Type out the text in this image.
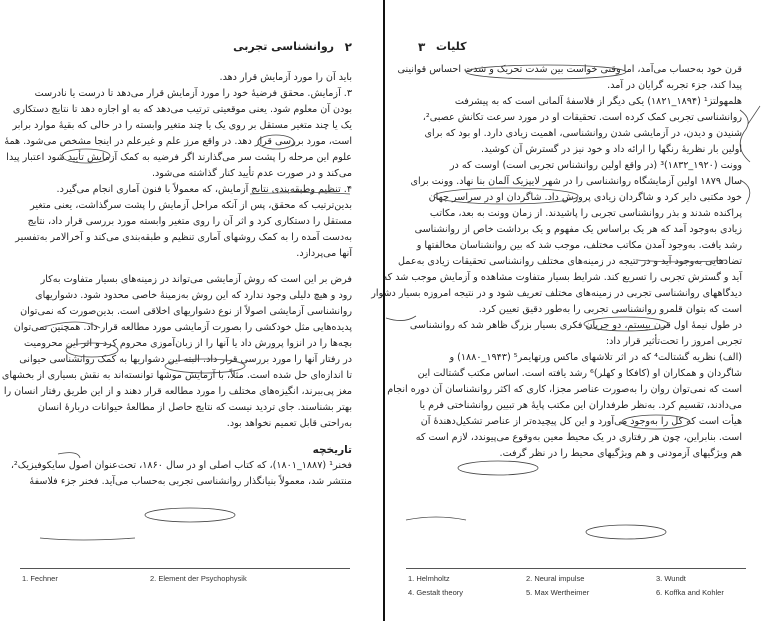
٢
روانشناسی تجربی
باید آن را مورد آزمایش قرار دهد.
۳. آزمایش. محقق فرضیهٔ خود را مورد آزمایش قرار می‌دهد تا درست یا نادرست
بودن آن معلوم شود. یعنی موقعیتی ترتیب می‌دهد که به او اجازه دهد تا نتایج دستکاری
یک یا چند متغیر مستقل بر روی یک یا چند متغیر وابسته را در حالی که بقیهٔ موارد برابر
است، مورد بررسی قرار دهد. در واقع مرز علم و غیرعلم در اینجا مشخص می‌شود. همهٔ
علوم این مرحله را پشت سر می‌گذارند اگر فرضیه به کمک آزمایش تأیید شود اعتبار پیدا
می‌کند و در صورت عدم تأیید کنار گذاشته می‌شود.
۴. تنظیم وطبقه‌بندی نتایج آزمایش، که معمولاً با فنون آماری انجام می‌گیرد.
بدین‌ترتیب که محقق، پس از آنکه مراحل آزمایش را پشت سرگذاشت، یعنی متغیر
مستقل را دستکاری کرد و اثر آن را روی متغیر وابسته مورد بررسی قرار داد، نتایج
به‌دست آمده را به کمک روشهای آماری تنظیم و طبقه‌بندی می‌کند و آخرالامر به‌تفسیر
آنها می‌پردازد.
فرض بر این است که روش آزمایشی می‌تواند در زمینه‌های بسیار متفاوت به‌کار
رود و هیچ دلیلی وجود ندارد که این روش به‌زمینهٔ خاصی محدود شود. دشواریهای
روانشناسی آزمایشی اصولاً از نوع دشواریهای اخلاقی است. بدین‌صورت که نمی‌توان
پدیده‌هایی مثل خودکشی را بصورت آزمایشی مورد مطالعه قرار داد. همچنین نمی‌توان
بچه‌ها را در انزوا پرورش داد یا آنها را از زبان‌آموزی محروم کرد و اثر این محرومیت
در رفتار آنها را مورد بررسی قرار داد. البته این دشواریها به کمک روانشناسی حیوانی
تا اندازه‌ای حل شده است. مثلاً، با آزمایش موشها توانسته‌اند به نقش بسیاری از بخشهای
مغز پی‌ببرند، انگیزه‌های مختلف را مورد مطالعه قرار دهند و از این طریق رفتار انسان را
بهتر بشناسند. جای تردید نیست که نتایج حاصل از مطالعهٔ حیوانات دربارهٔ انسان
به‌راحتی قابل تعمیم نخواهد بود.
تاریخچه
فخنر¹ (۱۸۸۷_۱۸۰۱)، که کتاب اصلی او در سال ۱۸۶۰، تحت‌عنوان اصول سایکوفیزیک²،
منتشر شد، معمولاً بنیانگذار روانشناسی تجربی به‌حساب می‌آید. فخنر جزء فلاسفهٔ
1. Fechner	2. Element der Psychophysik
٣ کلیات
قرن خود به‌حساب می‌آمد، اما وقتی خواست بین شدت تحریک و شدت احساس قوانینی
پیدا کند، جزء تجربه گرایان در آمد.
هلمهولتز¹ (۱۸۹۴_۱۸۲۱) یکی دیگر از فلاسفهٔ آلمانی است که به پیشرفت
روانشناسی تجربی کمک کرده است. تحقیقات او در مورد سرعت تکانش عصبی²،
شنیدن و دیدن، در آزمایشی شدن روانشناسی، اهمیت زیادی دارد. او بود که برای
اولین بار نظریهٔ رنگها را ارائه داد و خود نیز در گسترش آن کوشید.
وونت (۱۹۲۰_۱۸۳۲)³ (در واقع اولین روانشناس تجربی است) اوست که در
سال ۱۸۷۹ اولین آزمایشگاه روانشناسی را در شهر لایپزیک آلمان بنا نهاد. وونت برای
خود مکتبی دایر کرد و شاگردان زیادی پرورش داد. شاگردان او در سراسر جهان
پراکنده شدند و بذر روانشناسی تجربی را پاشیدند. از زمان وونت به بعد، مکاتب
زیادی به‌وجود آمد که هر یک براساس یک مفهوم و یک برداشت خاص از روانشناسی
رشد یافت. به‌وجود آمدن مکاتب مختلف، موجب شد که بین روانشناسان مخالفتها و
تضادهایی به‌وجود آید و در نتیجه در زمینه‌های مختلف روانشناسی تحقیقات زیادی به‌عمل
آید و گسترش تجربی را تسریع کند. شرایط بسیار متفاوت مشاهده و آزمایش موجب شد که
دیدگاههای روانشناسی تجربی در زمینه‌های مختلف تعریف شود و در نتیجه امروزه بسیار دشوار
است که بتوان قلمرو روانشناسی تجربی را به‌طور دقیق تعیین کرد.
در طول نیمهٔ اول قرن بیستم، دو جریان فکری بسیار بزرگ ظاهر شد که روانشناسی
تجربی امروز را تحت‌تأثیر قرار داد:
(الف) نظریه گشتالت⁴ که در اثر تلاشهای ماکس ورتهایمر⁵ (۱۹۴۳_۱۸۸۰) و
شاگردان و همکاران او (کافکا و کهلر)⁶ رشد یافته است. اساس مکتب گشتالت این
است که نمی‌توان روان را به‌صورت عناصر مجزا، کاری که اکثر روانشناسان آن دوره انجام
می‌دادند، تقسیم کرد. به‌نظر طرفداران این مکتب پایهٔ هر تبیین روانشناختی فرم یا
هیأت است که کل را به‌وجود می‌آورد و این کل پیچیده‌تر از عناصر تشکیل‌دهندهٔ آن
است. بنابراین، چون هر رفتاری در یک محیط معین به‌وقوع می‌پیوندد، لازم است که
هم ویژگیهای آزمودنی و هم ویژگیهای محیط را در نظر گرفت.
1. Helmholtz	2. Neural impulse	3. Wundt
4. Gestalt theory	5. Max Wertheimer	6. Koffka and Kohler
